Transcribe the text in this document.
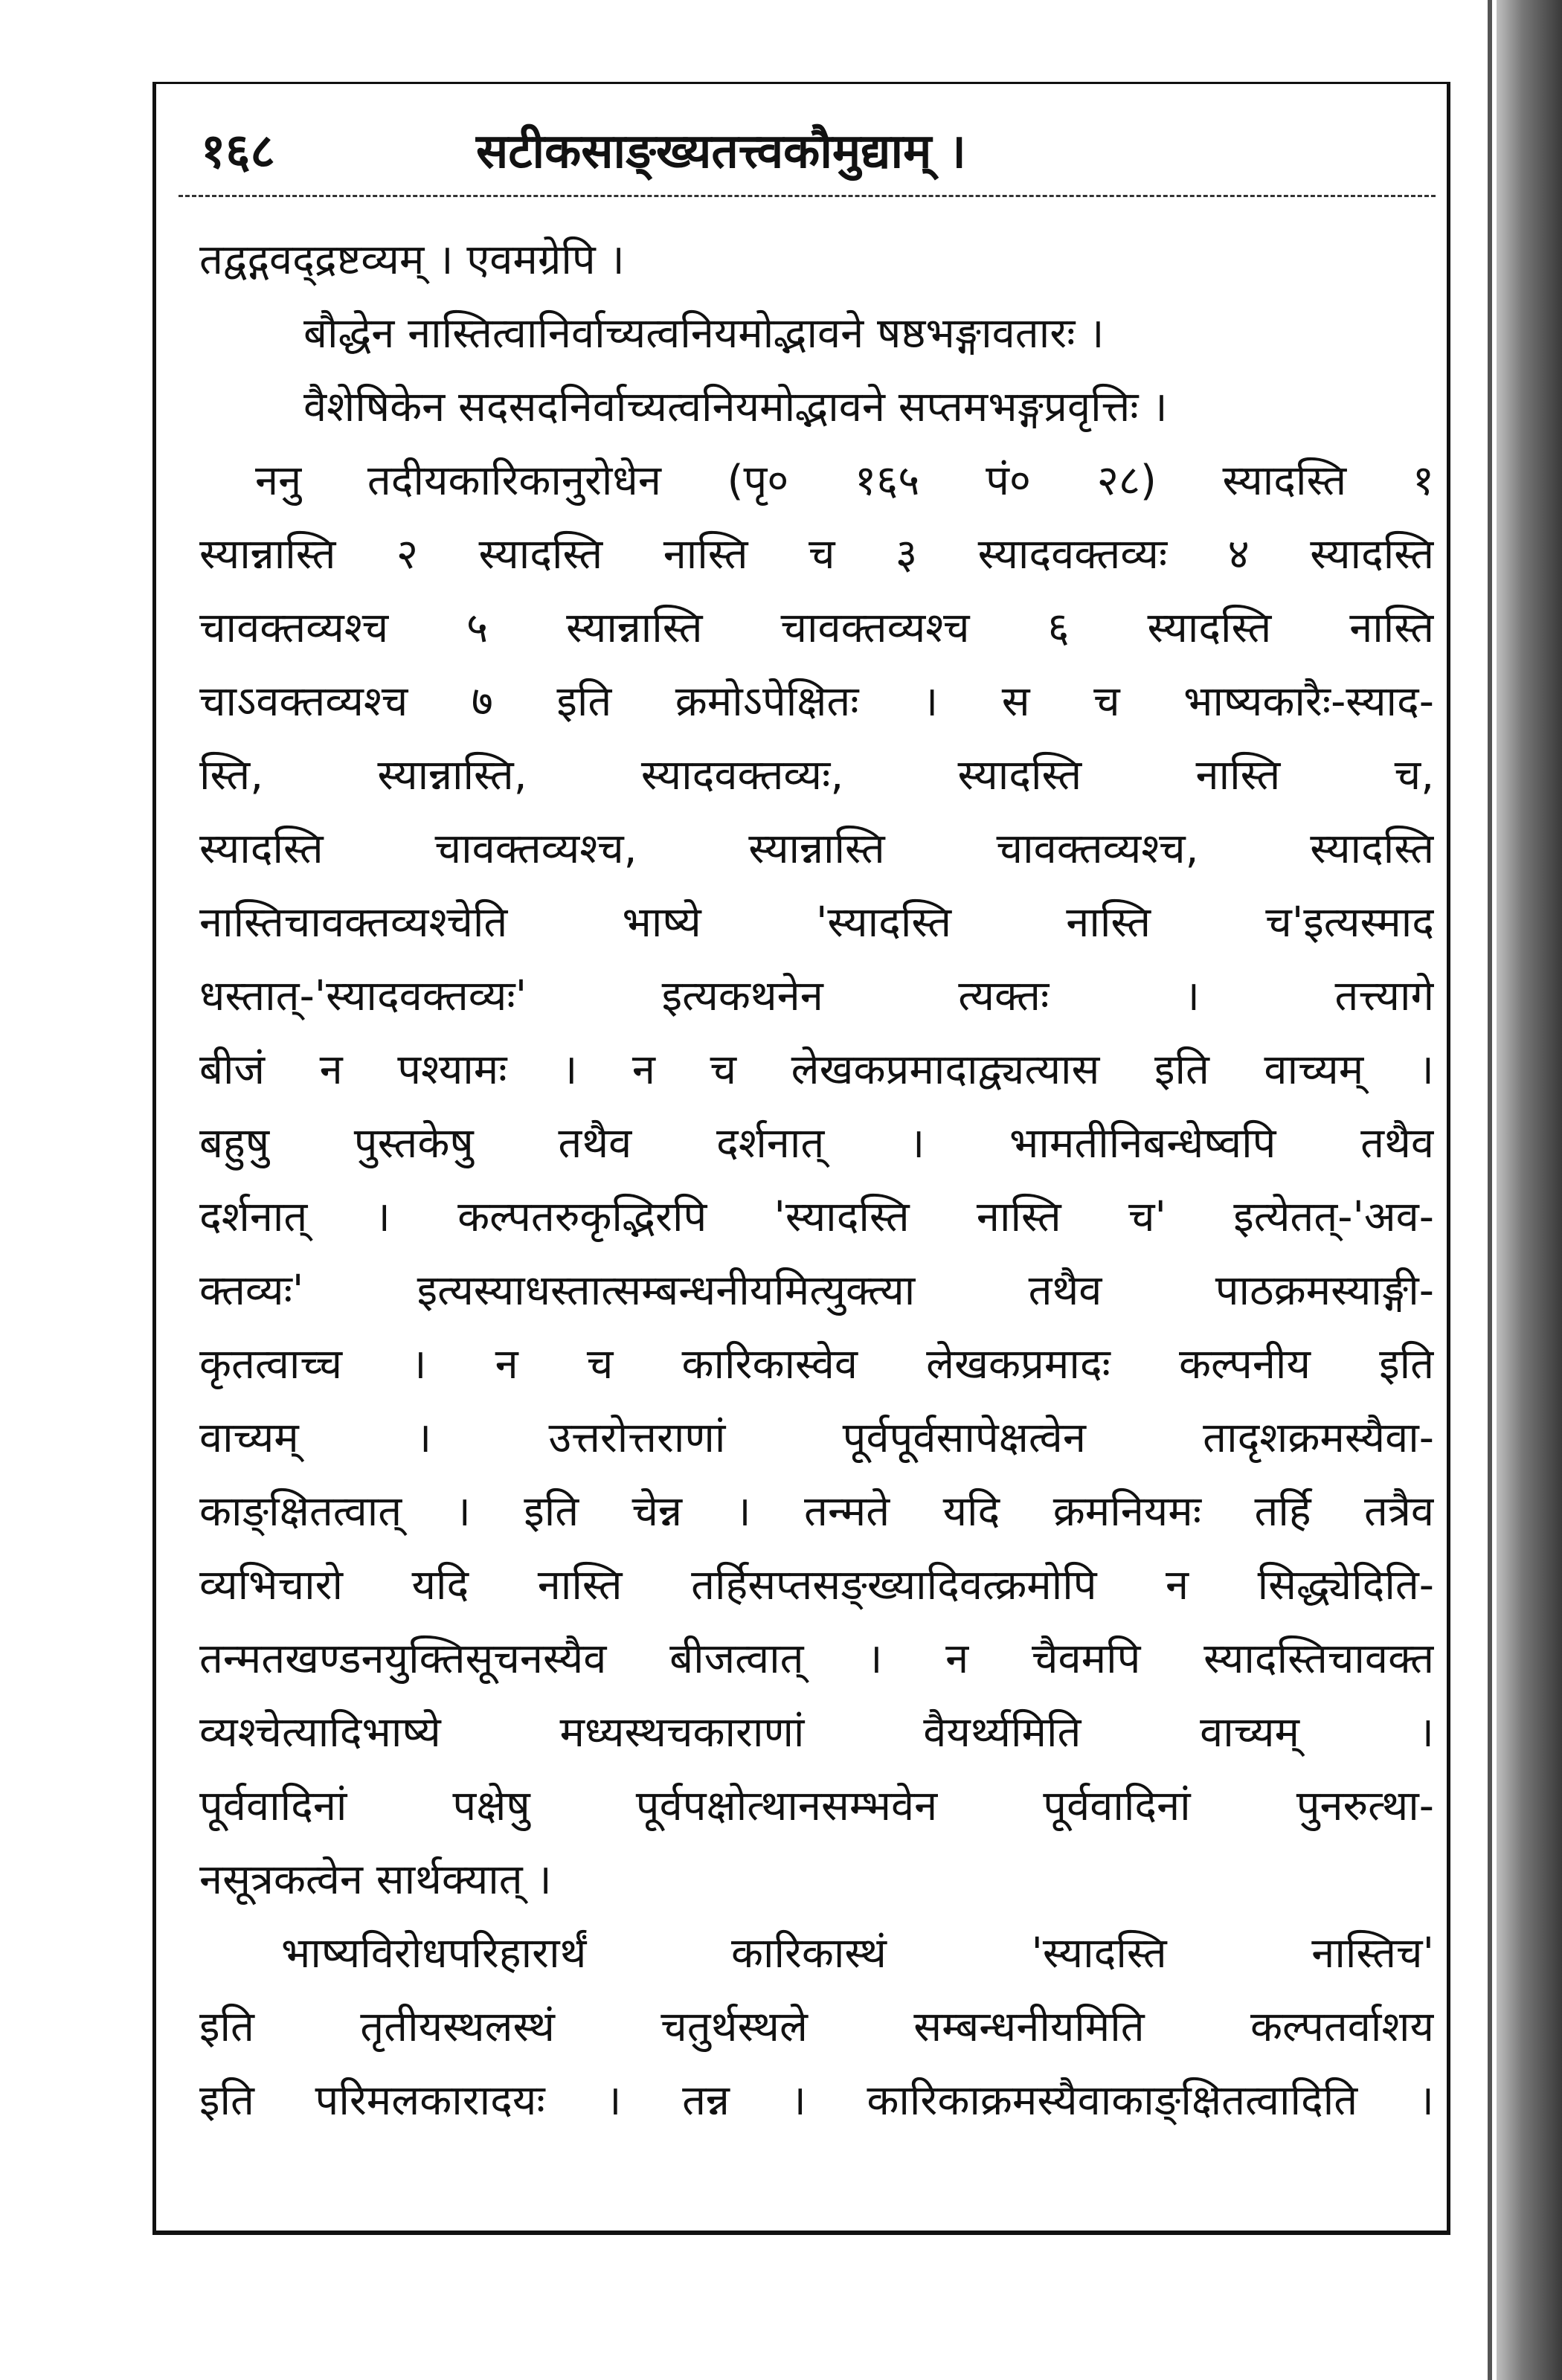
१६८	सटीकसाङ्ख्यतत्त्वकौमुद्याम् ।
तद्वद्गवद्द्रष्टव्यम् । एवमग्रेपि ।
बौद्धेन नास्तित्वानिर्वाच्यत्वनियमोद्भावने षष्ठभङ्गावतारः ।
वैशेषिकेन सदसदनिर्वाच्यत्वनियमोद्भावने सप्तमभङ्गप्रवृत्तिः ।
ननु तदीयकारिकानुरोधेन (पृ० १६५ पं० २८) स्यादस्ति १
स्यान्नास्ति २ स्यादस्ति नास्ति च ३ स्यादवक्तव्यः ४ स्यादस्ति
चावक्तव्यश्च ५ स्यान्नास्ति चावक्तव्यश्च ६ स्यादस्ति नास्ति
चाऽवक्तव्यश्च ७ इति क्रमोऽपेक्षितः । स च भाष्यकारैः-स्याद-
स्ति, स्यान्नास्ति, स्यादवक्तव्यः, स्यादस्ति नास्ति च,
स्यादस्ति चावक्तव्यश्च, स्यान्नास्ति चावक्तव्यश्च, स्यादस्ति
नास्तिचावक्तव्यश्चेति भाष्ये 'स्यादस्ति नास्ति च'इत्यस्माद
धस्तात्-'स्यादवक्तव्यः' इत्यकथनेन त्यक्तः । तत्त्यागे
बीजं न पश्यामः । न च लेखकप्रमादाद्व्यत्यास इति वाच्यम् ।
बहुषु पुस्तकेषु तथैव दर्शनात् । भामतीनिबन्धेष्वपि तथैव
दर्शनात् । कल्पतरुकृद्भिरपि 'स्यादस्ति नास्ति च' इत्येतत्-'अव-
क्तव्यः' इत्यस्याधस्तात्सम्बन्धनीयमित्युक्त्या तथैव पाठक्रमस्याङ्गी-
कृतत्वाच्च । न च कारिकास्वेव लेखकप्रमादः कल्पनीय इति
वाच्यम् । उत्तरोत्तराणां पूर्वपूर्वसापेक्षत्वेन तादृशक्रमस्यैवा-
काङ्क्षितत्वात् । इति चेन्न । तन्मते यदि क्रमनियमः तर्हि तत्रैव
व्यभिचारो यदि नास्ति तर्हिसप्तसङ्ख्यादिवत्क्रमोपि न सिद्ध्येदिति-
तन्मतखण्डनयुक्तिसूचनस्यैव बीजत्वात् । न चैवमपि स्यादस्तिचावक्त
व्यश्चेत्यादिभाष्ये मध्यस्थचकाराणां वैयर्थ्यमिति वाच्यम् ।
पूर्ववादिनां पक्षेषु पूर्वपक्षोत्थानसम्भवेन पूर्ववादिनां पुनरुत्था-
नसूत्रकत्वेन सार्थक्यात् ।
भाष्यविरोधपरिहारार्थं कारिकास्थं 'स्यादस्ति नास्तिच'
इति तृतीयस्थलस्थं चतुर्थस्थले सम्बन्धनीयमिति कल्पतर्वाशय
इति परिमलकारादयः । तन्न । कारिकाक्रमस्यैवाकाङ्क्षितत्वादिति ।
